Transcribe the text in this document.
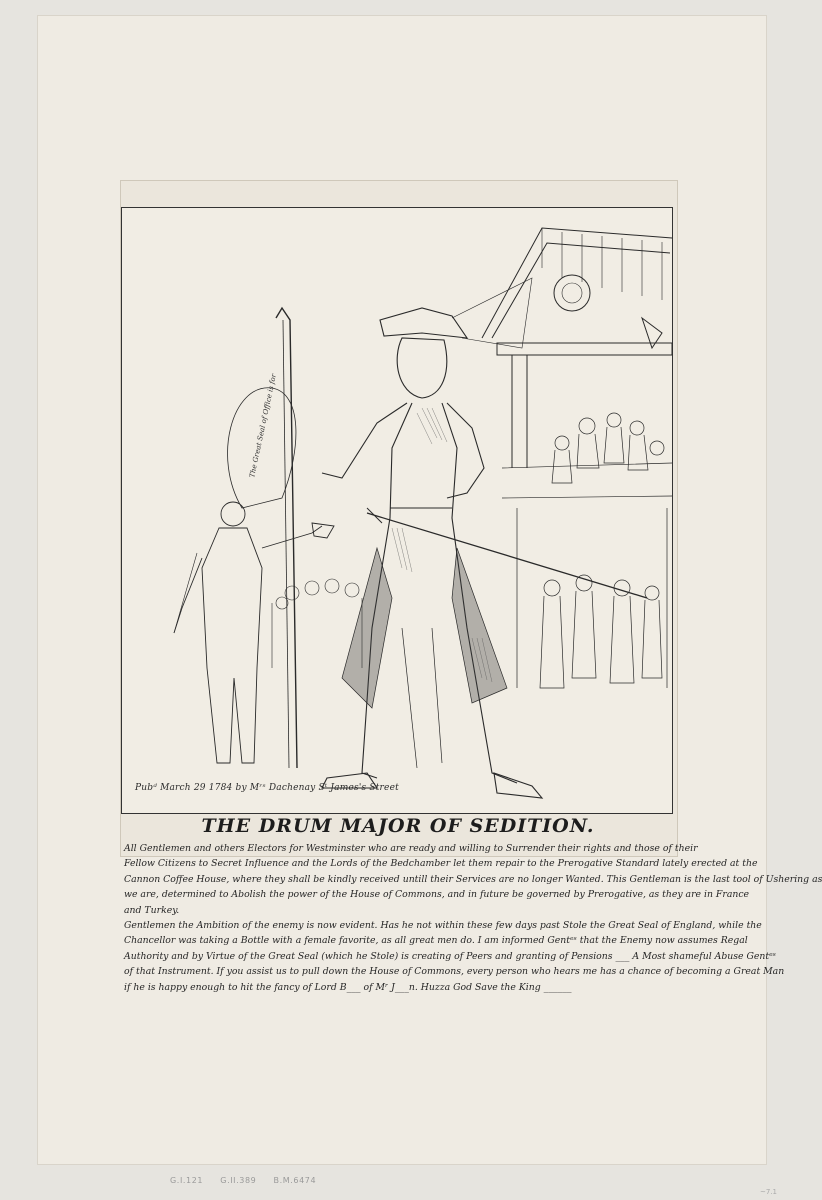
The Great Seal of Office is for
Pubᵈ March 29 1784 by Mʳˢ Dachenay Sᵗ James's Street
THE DRUM MAJOR OF SEDITION.
All Gentlemen and others Electors for Westminster who are ready and willing to Surrender their rights and those of their
Fellow Citizens to Secret Influence and the Lords of the Bedchamber let them repair to the Prerogative Standard lately erected at the
Cannon Coffee House, where they shall be kindly received untill their Services are no longer Wanted. This Gentleman is the last tool of Ushering as
we are, determined to Abolish the power of the House of Commons, and in future be governed by Prerogative, as they are in France
and Turkey.
Gentlemen the Ambition of the enemy is now evident. Has he not within these few days past Stole the Great Seal of England, while the
Chancellor was taking a Bottle with a female favorite, as all great men do. I am informed Gentᵉˢ that the Enemy now assumes Regal
Authority and by Virtue of the Great Seal (which he Stole) is creating of Peers and granting of Pensions ___ A Most shameful Abuse Gentᵉˢ
of that Instrument. If you assist us to pull down the House of Commons, every person who hears me has a chance of becoming a Great Man
if he is happy enough to hit the fancy of Lord B___ of Mʳ J___n. Huzza God Save the King ______
G.I.121 G.II.389 B.M.6474
~7.1
